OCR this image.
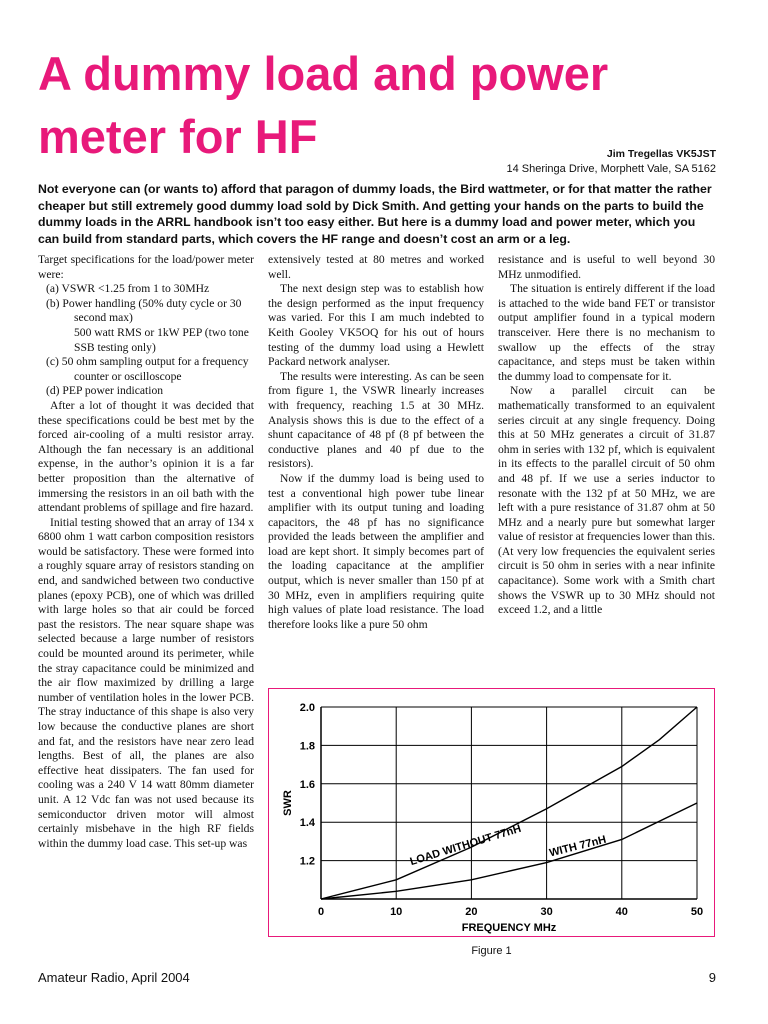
A dummy load and power meter for HF	Jim Tregellas VK5JST
14 Sheringa Drive, Morphett Vale, SA 5162

Not everyone can (or wants to) afford that paragon of dummy loads, the Bird wattmeter, or for that matter the rather cheaper but still extremely good dummy load sold by Dick Smith. And getting your hands on the parts to build the dummy loads in the ARRL handbook isn’t too easy either. But here is a dummy load and power meter, which you can build from standard parts, which covers the HF range and doesn’t cost an arm or a leg.

Target specifications for the load/power meter were:

(a) VSWR <1.25 from 1 to 30MHz
(b) Power handling (50% duty cycle or 30 second max)
500 watt RMS or 1kW PEP (two tone SSB testing only)
(c) 50 ohm sampling output for a frequency counter or oscilloscope
(d) PEP power indication

After a lot of thought it was decided that these specifications could be best met by the forced air-cooling of a multi resistor array. Although the fan necessary is an additional expense, in the author’s opinion it is a far better proposition than the alternative of immersing the resistors in an oil bath with the attendant problems of spillage and fire hazard.

Initial testing showed that an array of 134 x 6800 ohm 1 watt carbon composition resistors would be satisfactory. These were formed into a roughly square array of resistors standing on end, and sandwiched between two conductive planes (epoxy PCB), one of which was drilled with large holes so that air could be forced past the resistors. The near square shape was selected because a large number of resistors could be mounted around its perimeter, while the stray capacitance could be minimized and the air flow maximized by drilling a large number of ventilation holes in the lower PCB. The stray inductance of this shape is also very low because the conductive planes are short and fat, and the resistors have near zero lead lengths. Best of all, the planes are also effective heat dissipaters. The fan used for cooling was a 240 V 14 watt 80mm diameter unit. A 12 Vdc fan was not used because its semiconductor driven motor will almost certainly misbehave in the high RF fields within the dummy load case. This set-up was

extensively tested at 80 metres and worked well.

The next design step was to establish how the design performed as the input frequency was varied. For this I am much indebted to Keith Gooley VK5OQ for his out of hours testing of the dummy load using a Hewlett Packard network analyser.

The results were interesting. As can be seen from figure 1, the VSWR linearly increases with frequency, reaching 1.5 at 30 MHz. Analysis shows this is due to the effect of a shunt capacitance of 48 pf (8 pf between the conductive planes and 40 pf due to the resistors).

Now if the dummy load is being used to test a conventional high power tube linear amplifier with its output tuning and loading capacitors, the 48 pf has no significance provided the leads between the amplifier and load are kept short. It simply becomes part of the loading capacitance at the amplifier output, which is never smaller than 150 pf at 30 MHz, even in amplifiers requiring quite high values of plate load resistance. The load therefore looks like a pure 50 ohm

resistance and is useful to well beyond 30 MHz unmodified.

The situation is entirely different if the load is attached to the wide band FET or transistor output amplifier found in a typical modern transceiver. Here there is no mechanism to swallow up the effects of the stray capacitance, and steps must be taken within the dummy load to compensate for it.

Now a parallel circuit can be mathematically transformed to an equivalent series circuit at any single frequency. Doing this at 50 MHz generates a circuit of 31.87 ohm in series with 132 pf, which is equivalent in its effects to the parallel circuit of 50 ohm and 48 pf. If we use a series inductor to resonate with the 132 pf at 50 MHz, we are left with a pure resistance of 31.87 ohm at 50 MHz and a nearly pure but somewhat larger value of resistor at frequencies lower than this. (At very low frequencies the equivalent series circuit is 50 ohm in series with a near infinite capacitance). Some work with a Smith chart shows the VSWR up to 30 MHz should not exceed 1.2, and a little

0	10	20	30	40	50
1.2
1.4
1.6
1.8
2.0
FREQUENCY MHz
SWR
LOAD WITHOUT 77nH WITH 77nH
Figure 1
Amateur Radio, April 2004	9
